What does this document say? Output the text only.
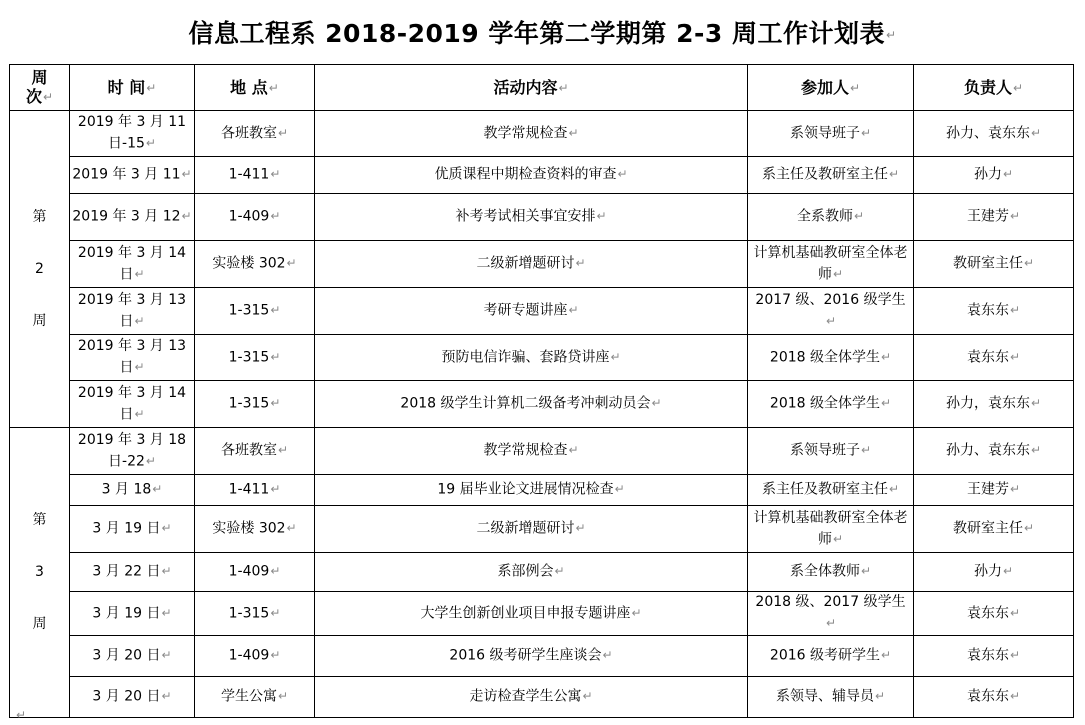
信息工程系 2018-2019 学年第二学期第 2-3 周工作计划表↵
周
次↵	时 间↵	地 点↵	活动内容↵	参加人↵	负责人↵

第
2
周	2019 年 3 月 11 日-15↵	各班教室↵	教学常规检查↵	系领导班子↵	孙力、袁东东↵
	2019 年 3 月 11↵	1-411↵	优质课程中期检查资料的审查↵	系主任及教研室主任↵	孙力↵
	2019 年 3 月 12↵	1-409↵	补考考试相关事宜安排↵	全系教师↵	王建芳↵
	2019 年 3 月 14 日↵	实验楼 302↵	二级新增题研讨↵	计算机基础教研室全体老师↵	教研室主任↵
	2019 年 3 月 13 日↵	1-315↵	考研专题讲座↵	2017 级、2016 级学生↵	袁东东↵
	2019 年 3 月 13 日↵	1-315↵	预防电信诈骗、套路贷讲座↵	2018 级全体学生↵	袁东东↵
	2019 年 3 月 14 日↵	1-315↵	2018 级学生计算机二级备考冲刺动员会↵	2018 级全体学生↵	孙力，袁东东↵

第
3
周	2019 年 3 月 18 日-22↵	各班教室↵	教学常规检查↵	系领导班子↵	孙力、袁东东↵
	3 月 18↵	1-411↵	19 届毕业论文进展情况检查↵	系主任及教研室主任↵	王建芳↵
	3 月 19 日↵	实验楼 302↵	二级新增题研讨↵	计算机基础教研室全体老师↵	教研室主任↵
	3 月 22 日↵	1-409↵	系部例会↵	系全体教师↵	孙力↵
	3 月 19 日↵	1-315↵	大学生创新创业项目申报专题讲座↵	2018 级、2017 级学生↵	袁东东↵
	3 月 20 日↵	1-409↵	2016 级考研学生座谈会↵	2016 级考研学生↵	袁东东↵
	3 月 20 日↵	学生公寓↵	走访检查学生公寓↵	系领导、辅导员↵	袁东东↵
↵
